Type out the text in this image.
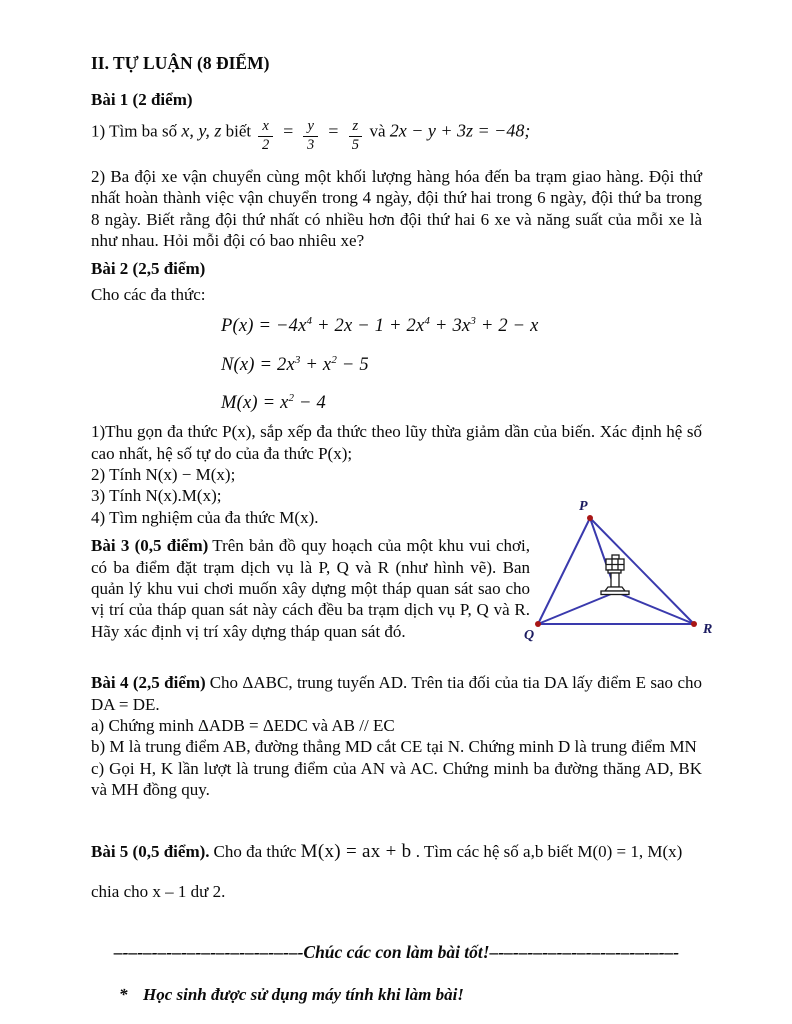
II. TỰ LUẬN (8 ĐIỂM)
Bài 1 (2 điểm)
1) Tìm ba số x, y, z biết $\frac{x}{2} = \frac{y}{3} = \frac{z}{5}$ và 2x − y + 3z = −48;

2) Ba đội xe vận chuyển cùng một khối lượng hàng hóa đến ba trạm giao hàng. Đội thứ nhất hoàn thành việc vận chuyển trong 4 ngày, đội thứ hai trong 6 ngày, đội thứ ba trong 8 ngày. Biết rằng đội thứ nhất có nhiều hơn đội thứ hai 6 xe và năng suất của mỗi xe là như nhau. Hỏi mỗi đội có bao nhiêu xe?

Bài 2 (2,5 điểm)
Cho các đa thức:
$P(x) = -4x^4 + 2x - 1 + 2x^4 + 3x^3 + 2 - x$
$N(x) = 2x^3 + x^2 - 5$
$M(x) = x^2 - 4$
1)Thu gọn đa thức P(x), sắp xếp đa thức theo lũy thừa giảm dần của biến. Xác định hệ số cao nhất, hệ số tự do của đa thức P(x);
2) Tính N(x) − M(x);
3) Tính N(x).M(x);
4) Tìm nghiệm của đa thức M(x).

Bài 3 (0,5 điểm) Trên bản đồ quy hoạch của một khu vui chơi, có ba điểm đặt trạm dịch vụ là P, Q và R (như hình vẽ). Ban quản lý khu vui chơi muốn xây dựng một tháp quan sát sao cho vị trí của tháp quan sát này cách đều ba trạm dịch vụ P, Q và R. Hãy xác định vị trí xây dựng tháp quan sát đó.

P
Q	R

Bài 4 (2,5 điểm) Cho ΔABC, trung tuyến AD. Trên tia đối của tia DA lấy điểm E sao cho DA = DE.

a) Chứng minh ΔADB = ΔEDC và AB // EC
b) M là trung điểm AB, đường thẳng MD cắt CE tại N. Chứng minh D là trung điểm MN
c) Gọi H, K lần lượt là trung điểm của AN và AC. Chứng minh ba đường thăng AD, BK và MH đồng quy.
Bài 5 (0,5 điểm). Cho đa thức M(x) = ax + b . Tìm các hệ số a,b biết M(0) = 1, M(x) chia cho x – 1 dư 2.
–-–-–-–-–-–-–-–-–-–-–-–-–-Chúc các con làm bài tốt!–-–-–-–-–-–-–-–-–-–-–-–-–-
* Học sinh được sử dụng máy tính khi làm bài!
